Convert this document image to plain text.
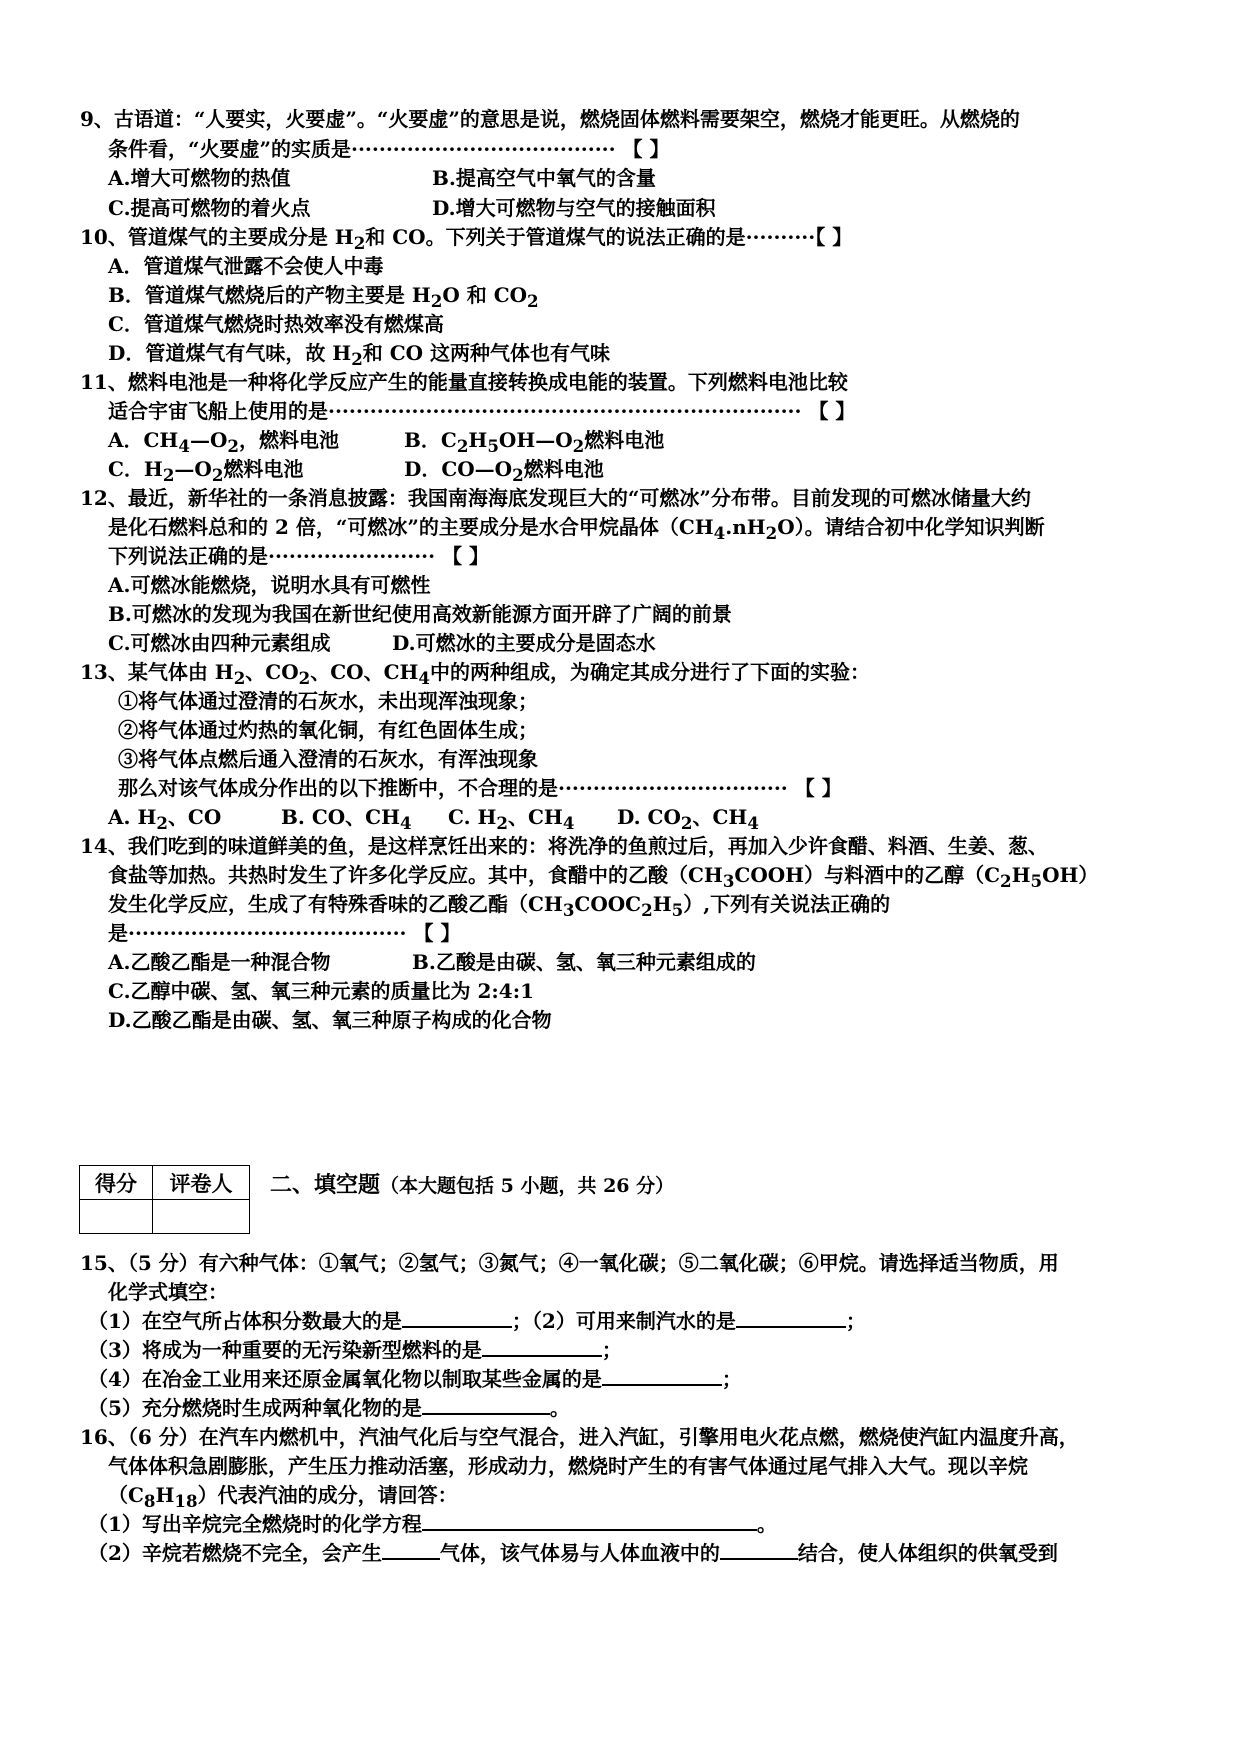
9、古语道：“人要实，火要虚”。“火要虚”的意思是说，燃烧固体燃料需要架空，燃烧才能更旺。从燃烧的
条件看，“火要虚”的实质是······································ 【 】
A.增大可燃物的热值	B.提高空气中氧气的含量
C.提高可燃物的着火点	D.增大可燃物与空气的接触面积
10、管道煤气的主要成分是 $H_2$和 CO。下列关于管道煤气的说法正确的是··········【 】
A．管道煤气泄露不会使人中毒
B．管道煤气燃烧后的产物主要是 $H_2O$ 和 $CO_2$
C．管道煤气燃烧时热效率没有燃煤高
D．管道煤气有气味，故 $H_2$和 CO 这两种气体也有气味
11、燃料电池是一种将化学反应产生的能量直接转换成电能的装置。下列燃料电池比较
适合宇宙飞船上使用的是···································································· 【 】
A．$CH_4—O_2$，燃料电池	B．$C_2H_5OH—O_2$燃料电池
C．$H_2—O_2$燃料电池	D．$CO—O_2$燃料电池
12、最近，新华社的一条消息披露：我国南海海底发现巨大的“可燃冰”分布带。目前发现的可燃冰储量大约
是化石燃料总和的 2 倍，“可燃冰”的主要成分是水合甲烷晶体$(CH_4.nH_2O)$。请结合初中化学知识判断
下列说法正确的是························ 【 】
A.可燃冰能燃烧，说明水具有可燃性
B.可燃冰的发现为我国在新世纪使用高效新能源方面开辟了广阔的前景
C.可燃冰由四种元素组成	D.可燃冰的主要成分是固态水
13、某气体由 $H_2$、$CO_2$、CO、$CH_4$中的两种组成，为确定其成分进行了下面的实验：
①将气体通过澄清的石灰水，未出现浑浊现象；
②将气体通过灼热的氧化铜，有红色固体生成；
③将气体点燃后通入澄清的石灰水，有浑浊现象
那么对该气体成分作出的以下推断中，不合理的是································· 【 】
A. $H_2$、CO	B. CO、$CH_4$ C. $H_2$、$CH_4$ D. $CO_2$、$CH_4$
14、我们吃到的味道鲜美的鱼，是这样烹饪出来的：将洗净的鱼煎过后，再加入少许食醋、料酒、生姜、葱、
食盐等加热。共热时发生了许多化学反应。其中，食醋中的乙酸$(CH_3COOH)$与料酒中的乙醇$(C_2H_5OH)$
发生化学反应，生成了有特殊香味的乙酸乙酯$(CH_3COOC_2H_5)$,下列有关说法正确的
是········································ 【 】
A.乙酸乙酯是一种混合物	B.乙酸是由碳、氢、氧三种元素组成的
C.乙醇中碳、氢、氧三种元素的质量比为 2:4:1
D.乙酸乙酯是由碳、氢、氧三种原子构成的化合物
得分	评卷人
	二、填空题（本大题包括 5 小题，共 26 分）
15、（5 分）有六种气体：①氧气；②氢气；③氮气；④一氧化碳；⑤二氧化碳；⑥甲烷。请选择适当物质，用
化学式填空：
（1）在空气所占体积分数最大的是	；（2）可用来制汽水的是	；
（3）将成为一种重要的无污染新型燃料的是	；
（4）在冶金工业用来还原金属氧化物以制取某些金属的是	；
（5）充分燃烧时生成两种氧化物的是	。
16、（6 分）在汽车内燃机中，汽油气化后与空气混合，进入汽缸，引擎用电火花点燃，燃烧使汽缸内温度升高，
气体体积急剧膨胀，产生压力推动活塞，形成动力，燃烧时产生的有害气体通过尾气排入大气。现以辛烷
$(C_8H_{18})$代表汽油的成分，请回答：
（1）写出辛烷完全燃烧时的化学方程	。
（2）辛烷若燃烧不完全，会产生	气体，该气体易与人体血液中的	结合，使人体组织的供氧受到
